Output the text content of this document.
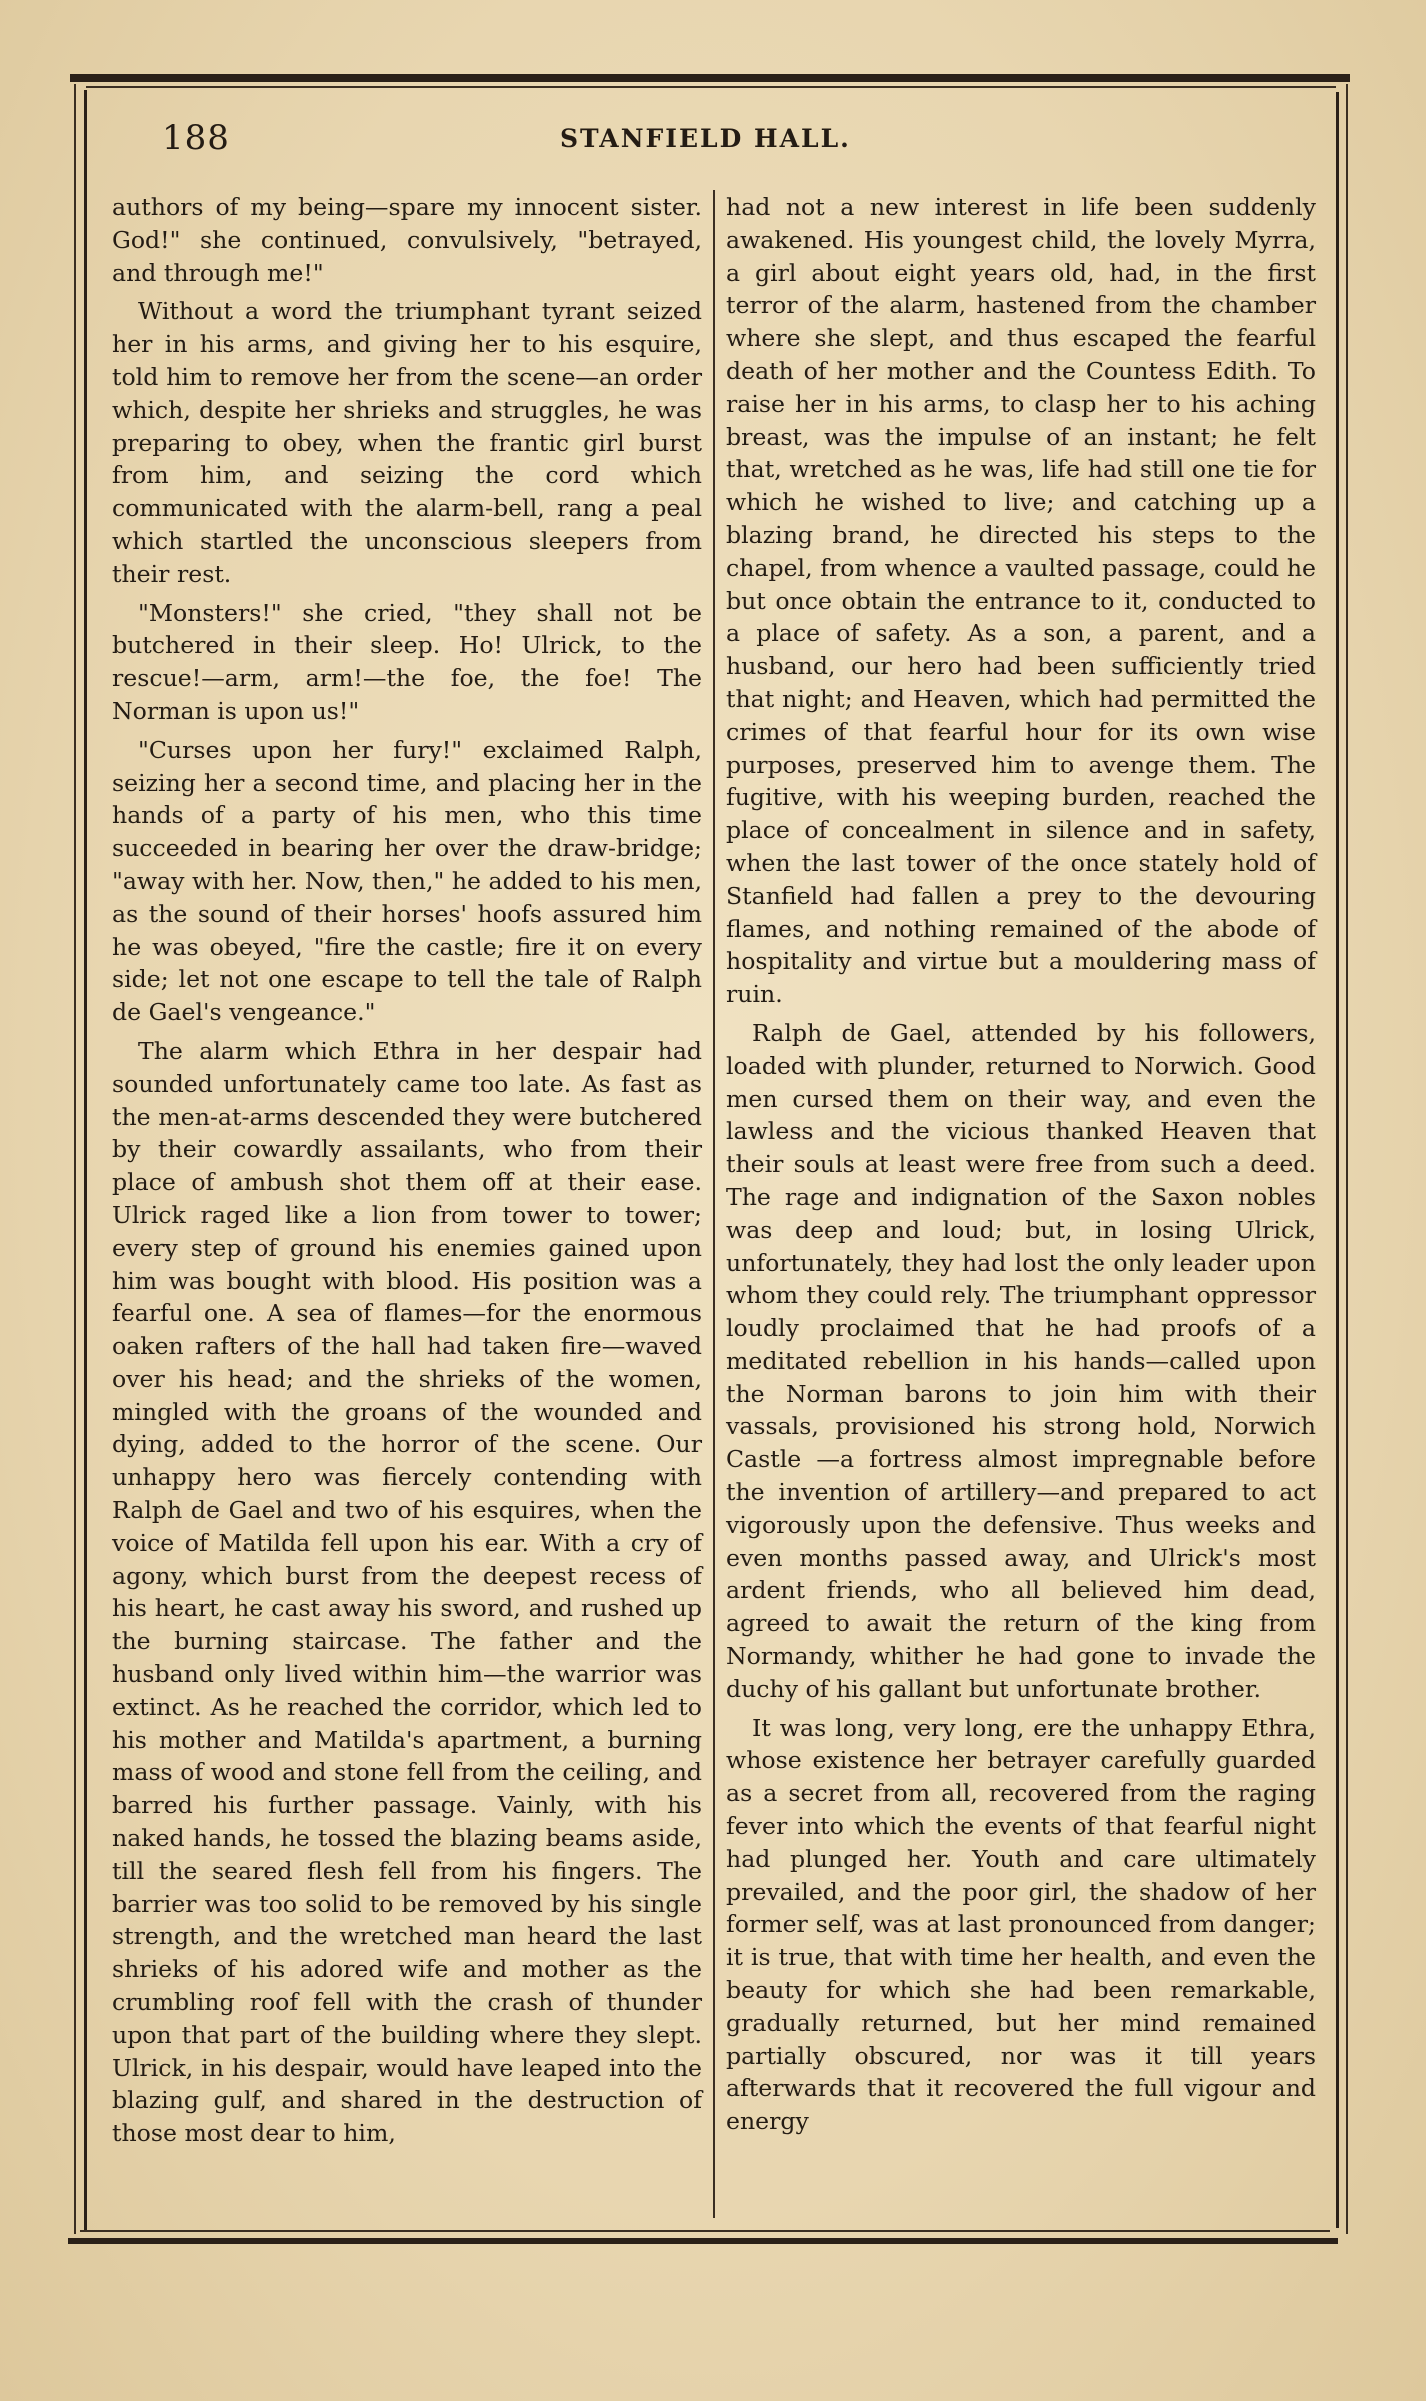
188	STANFIELD HALL.

authors of my being—spare my innocent sister. God!" she continued, convulsively, "betrayed, and through me!"

Without a word the triumphant tyrant seized her in his arms, and giving her to his esquire, told him to remove her from the scene—an order which, despite her shrieks and struggles, he was preparing to obey, when the frantic girl burst from him, and seizing the cord which communicated with the alarm-bell, rang a peal which startled the unconscious sleepers from their rest.

"Monsters!" she cried, "they shall not be butchered in their sleep. Ho! Ulrick, to the rescue!—arm, arm!—the foe, the foe! The Norman is upon us!"

"Curses upon her fury!" exclaimed Ralph, seizing her a second time, and placing her in the hands of a party of his men, who this time succeeded in bearing her over the draw-bridge; "away with her. Now, then," he added to his men, as the sound of their horses' hoofs assured him he was obeyed, "fire the castle; fire it on every side; let not one escape to tell the tale of Ralph de Gael's vengeance."

The alarm which Ethra in her despair had sounded unfortunately came too late. As fast as the men-at-arms descended they were butchered by their cowardly assailants, who from their place of ambush shot them off at their ease. Ulrick raged like a lion from tower to tower; every step of ground his enemies gained upon him was bought with blood. His position was a fearful one. A sea of flames—for the enormous oaken rafters of the hall had taken fire—waved over his head; and the shrieks of the women, mingled with the groans of the wounded and dying, added to the horror of the scene. Our unhappy hero was fiercely contending with Ralph de Gael and two of his esquires, when the voice of Matilda fell upon his ear. With a cry of agony, which burst from the deepest recess of his heart, he cast away his sword, and rushed up the burning staircase. The father and the husband only lived within him—the warrior was extinct. As he reached the corridor, which led to his mother and Matilda's apartment, a burning mass of wood and stone fell from the ceiling, and barred his further passage. Vainly, with his naked hands, he tossed the blazing beams aside, till the seared flesh fell from his fingers. The barrier was too solid to be removed by his single strength, and the wretched man heard the last shrieks of his adored wife and mother as the crumbling roof fell with the crash of thunder upon that part of the building where they slept. Ulrick, in his despair, would have leaped into the blazing gulf, and shared in the destruction of those most dear to him,

had not a new interest in life been suddenly awakened. His youngest child, the lovely Myrra, a girl about eight years old, had, in the first terror of the alarm, hastened from the chamber where she slept, and thus escaped the fearful death of her mother and the Countess Edith. To raise her in his arms, to clasp her to his aching breast, was the impulse of an instant; he felt that, wretched as he was, life had still one tie for which he wished to live; and catching up a blazing brand, he directed his steps to the chapel, from whence a vaulted passage, could he but once obtain the entrance to it, conducted to a place of safety. As a son, a parent, and a husband, our hero had been sufficiently tried that night; and Heaven, which had permitted the crimes of that fearful hour for its own wise purposes, preserved him to avenge them. The fugitive, with his weeping burden, reached the place of concealment in silence and in safety, when the last tower of the once stately hold of Stanfield had fallen a prey to the devouring flames, and nothing remained of the abode of hospitality and virtue but a mouldering mass of ruin.

Ralph de Gael, attended by his followers, loaded with plunder, returned to Norwich. Good men cursed them on their way, and even the lawless and the vicious thanked Heaven that their souls at least were free from such a deed. The rage and indignation of the Saxon nobles was deep and loud; but, in losing Ulrick, unfortunately, they had lost the only leader upon whom they could rely. The triumphant oppressor loudly proclaimed that he had proofs of a meditated rebellion in his hands—called upon the Norman barons to join him with their vassals, provisioned his strong hold, Norwich Castle —a fortress almost impregnable before the invention of artillery—and prepared to act vigorously upon the defensive. Thus weeks and even months passed away, and Ulrick's most ardent friends, who all believed him dead, agreed to await the return of the king from Normandy, whither he had gone to invade the duchy of his gallant but unfortunate brother.

It was long, very long, ere the unhappy Ethra, whose existence her betrayer carefully guarded as a secret from all, recovered from the raging fever into which the events of that fearful night had plunged her. Youth and care ultimately prevailed, and the poor girl, the shadow of her former self, was at last pronounced from danger; it is true, that with time her health, and even the beauty for which she had been remarkable, gradually returned, but her mind remained partially obscured, nor was it till years afterwards that it recovered the full vigour and energy
